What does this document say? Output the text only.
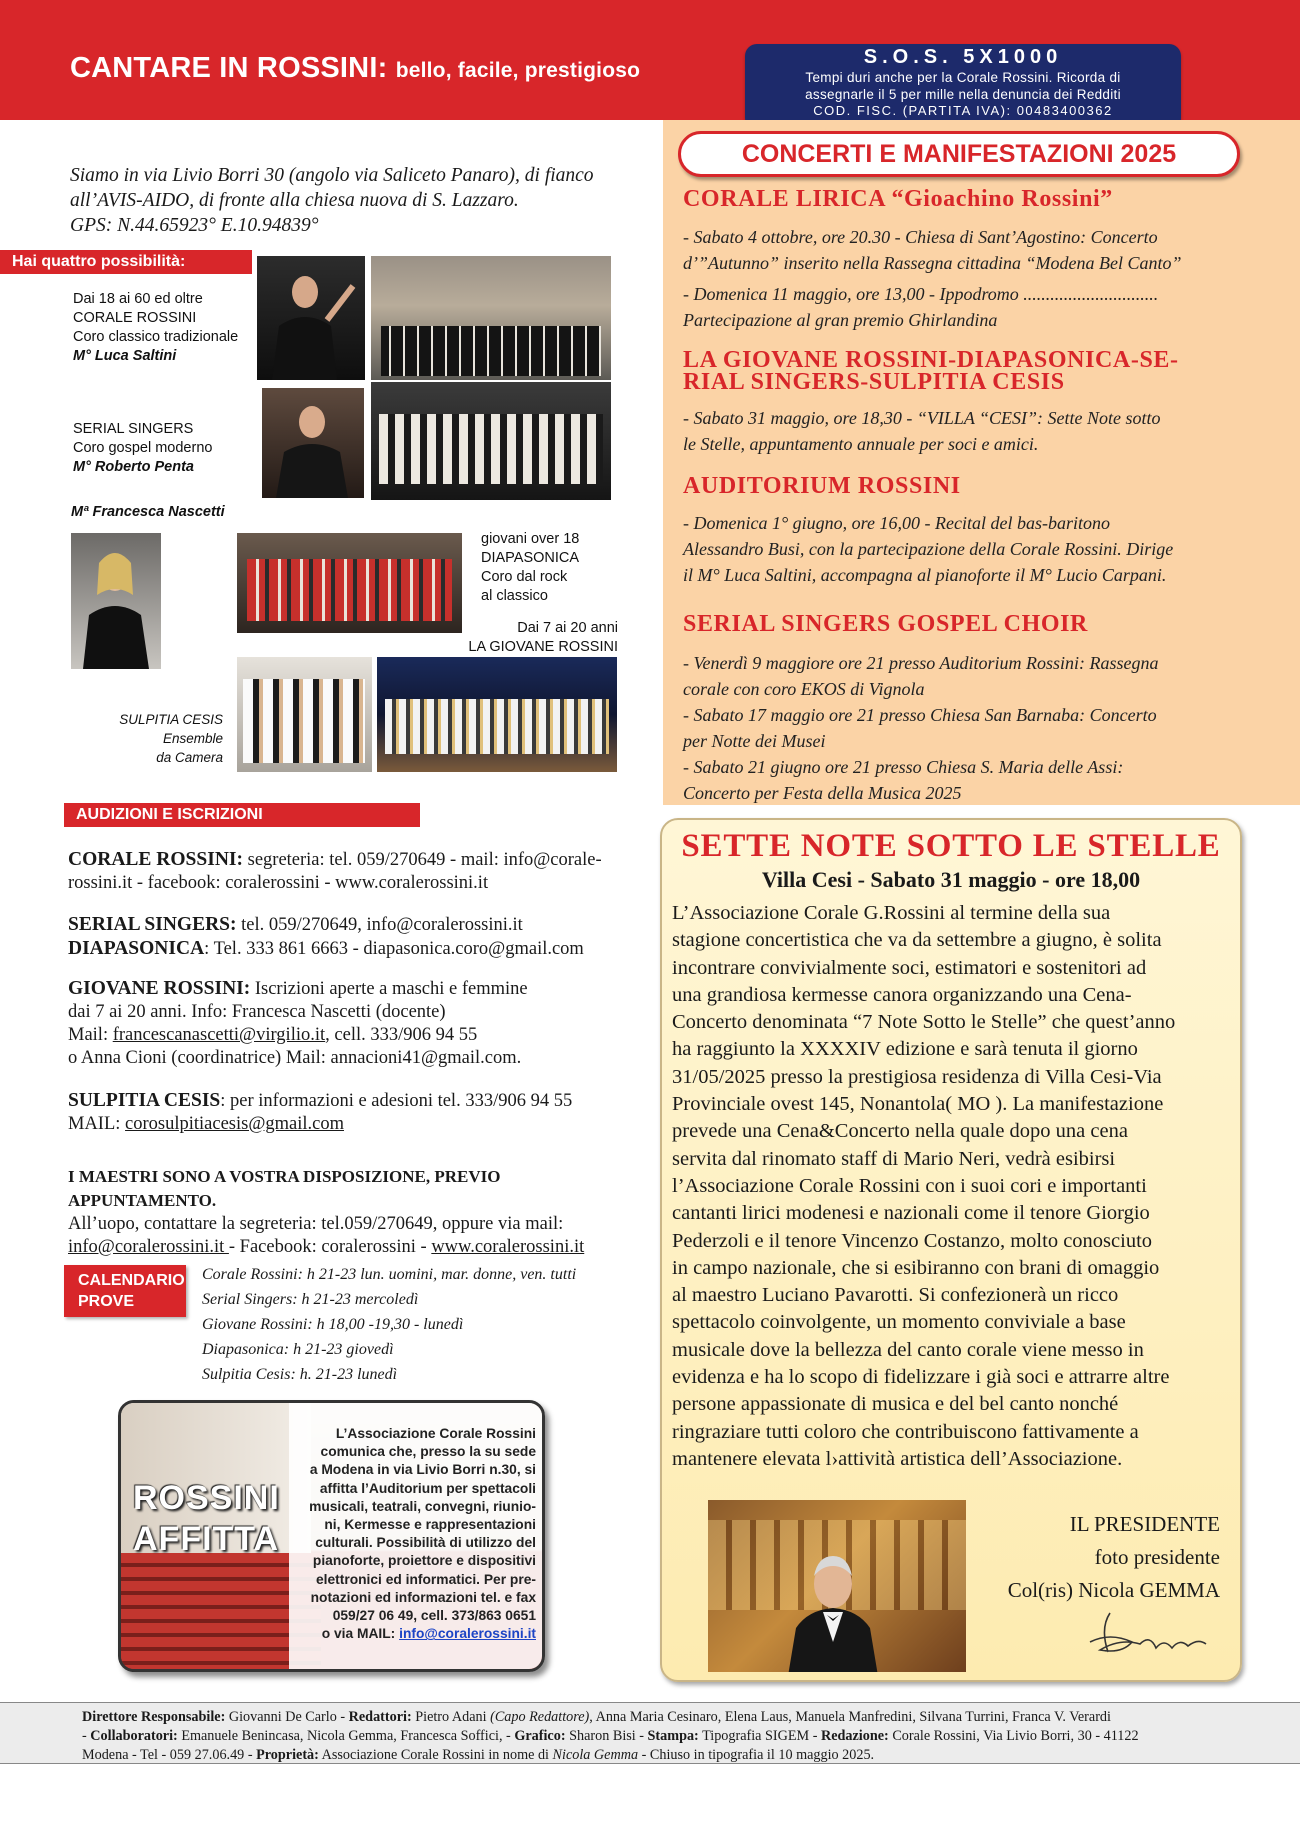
CANTARE IN ROSSINI: bello, facile, prestigioso
S.O.S. 5X1000
Tempi duri anche per la Corale Rossini. Ricorda di
assegnarle il 5 per mille nella denuncia dei Redditi
COD. FISC. (PARTITA IVA): 00483400362
CONCERTI E MANIFESTAZIONI 2025
CORALE LIRICA “Gioachino Rossini”
- Sabato 4 ottobre, ore 20.30 - Chiesa di Sant’Agostino: Concerto
d’”Autunno” inserito nella Rassegna cittadina “Modena Bel Canto”
- Domenica 11 maggio, ore 13,00 - Ippodromo ..............................
Partecipazione al gran premio Ghirlandina
LA GIOVANE ROSSINI-DIAPASONICA-SE-
RIAL SINGERS-SULPITIA CESIS
- Sabato 31 maggio, ore 18,30 - “VILLA “CESI”: Sette Note sotto
le Stelle, appuntamento annuale per soci e amici.
AUDITORIUM ROSSINI
- Domenica 1° giugno, ore 16,00 - Recital del bas-baritono
Alessandro Busi, con la partecipazione della Corale Rossini. Dirige
il M° Luca Saltini, accompagna al pianoforte il M° Lucio Carpani.
SERIAL SINGERS GOSPEL CHOIR
- Venerdì 9 maggiore ore 21 presso Auditorium Rossini: Rassegna
corale con coro EKOS di Vignola
- Sabato 17 maggio ore 21 presso Chiesa San Barnaba: Concerto
per Notte dei Musei
- Sabato 21 giugno ore 21 presso Chiesa S. Maria delle Assi:
Concerto per Festa della Musica 2025
SETTE NOTE SOTTO LE STELLE
Villa Cesi - Sabato 31 maggio - ore 18,00
L’Associazione Corale G.Rossini al termine della sua
stagione concertistica che va da settembre a giugno, è solita
incontrare convivialmente soci, estimatori e sostenitori ad
una grandiosa kermesse canora organizzando una Cena-
Concerto denominata “7 Note Sotto le Stelle” che quest’anno
ha raggiunto la XXXXIV edizione e sarà tenuta il giorno
31/05/2025 presso la prestigiosa residenza di Villa Cesi-Via
Provinciale ovest 145, Nonantola( MO ). La manifestazione
prevede una Cena&Concerto nella quale dopo una cena
servita dal rinomato staff di Mario Neri, vedrà esibirsi
l’Associazione Corale Rossini con i suoi cori e importanti
cantanti lirici modenesi e nazionali come il tenore Giorgio
Pederzoli e il tenore Vincenzo Costanzo, molto conosciuto
in campo nazionale, che si esibiranno con brani di omaggio
al maestro Luciano Pavarotti. Si confezionerà un ricco
spettacolo coinvolgente, un momento conviviale a base
musicale dove la bellezza del canto corale viene messo in
evidenza e ha lo scopo di fidelizzare i già soci e attrarre altre
persone appassionate di musica e del bel canto nonché
ringraziare tutti coloro che contribuiscono fattivamente a
mantenere elevata l›attività artistica dell’Associazione.
IL PRESIDENTE
foto presidente
Col(ris) Nicola GEMMA
Siamo in via Livio Borri 30 (angolo via Saliceto Panaro), di fianco
all’AVIS-AIDO, di fronte alla chiesa nuova di S. Lazzaro.
GPS: N.44.65923° E.10.94839°
Hai quattro possibilità:
Dai 18 ai 60 ed oltre
CORALE ROSSINI
Coro classico tradizionale
M° Luca Saltini
SERIAL SINGERS
Coro gospel moderno
M° Roberto Penta
Mª Francesca Nascetti
giovani over 18
DIAPASONICA
Coro dal rock
al classico
Dai 7 ai 20 anni
LA GIOVANE ROSSINI
SULPITIA CESIS
Ensemble
da Camera
AUDIZIONI E ISCRIZIONI
CORALE ROSSINI: segreteria: tel. 059/270649 - mail: info@corale-
rossini.it - facebook: coralerossini - www.coralerossini.it
SERIAL SINGERS: tel. 059/270649, info@coralerossini.it
DIAPASONICA: Tel. 333 861 6663 - diapasonica.coro@gmail.com
GIOVANE ROSSINI: Iscrizioni aperte a maschi e femmine
dai 7 ai 20 anni. Info: Francesca Nascetti (docente)
Mail: francescanascetti@virgilio.it, cell. 333/906 94 55
o Anna Cioni (coordinatrice) Mail: annacioni41@gmail.com.
SULPITIA CESIS: per informazioni e adesioni tel. 333/906 94 55
MAIL: corosulpitiacesis@gmail.com
I MAESTRI SONO A VOSTRA DISPOSIZIONE, PREVIO APPUNTAMENTO.
All’uopo, contattare la segreteria: tel.059/270649, oppure via mail:
info@coralerossini.it - Facebook: coralerossini - www.coralerossini.it
CALENDARIO
PROVE
Corale Rossini: h 21-23 lun. uomini, mar. donne, ven. tutti
Serial Singers: h 21-23 mercoledì
Giovane Rossini: h 18,00 -19,30 - lunedì
Diapasonica: h 21-23 giovedì
Sulpitia Cesis: h. 21-23 lunedì
ROSSINI
AFFITTA
L’Associazione Corale Rossini
comunica che, presso la su sede
a Modena in via Livio Borri n.30, si
affitta l’Auditorium per spettacoli
musicali, teatrali, convegni, riunio-
ni, Kermesse e rappresentazioni
culturali. Possibilità di utilizzo del
pianoforte, proiettore e dispositivi
elettronici ed informatici. Per pre-
notazioni ed informazioni tel. e fax
059/27 06 49, cell. 373/863 0651
o via MAIL: info@coralerossini.it
Direttore Responsabile: Giovanni De Carlo - Redattori: Pietro Adani (Capo Redattore), Anna Maria Cesinaro, Elena Laus, Manuela Manfredini, Silvana Turrini, Franca V. Verardi
- Collaboratori: Emanuele Benincasa, Nicola Gemma, Francesca Soffici, - Grafico: Sharon Bisi - Stampa: Tipografia SIGEM - Redazione: Corale Rossini, Via Livio Borri, 30 - 41122
Modena - Tel - 059 27.06.49 - Proprietà: Associazione Corale Rossini in nome di Nicola Gemma - Chiuso in tipografia il 10 maggio 2025.
